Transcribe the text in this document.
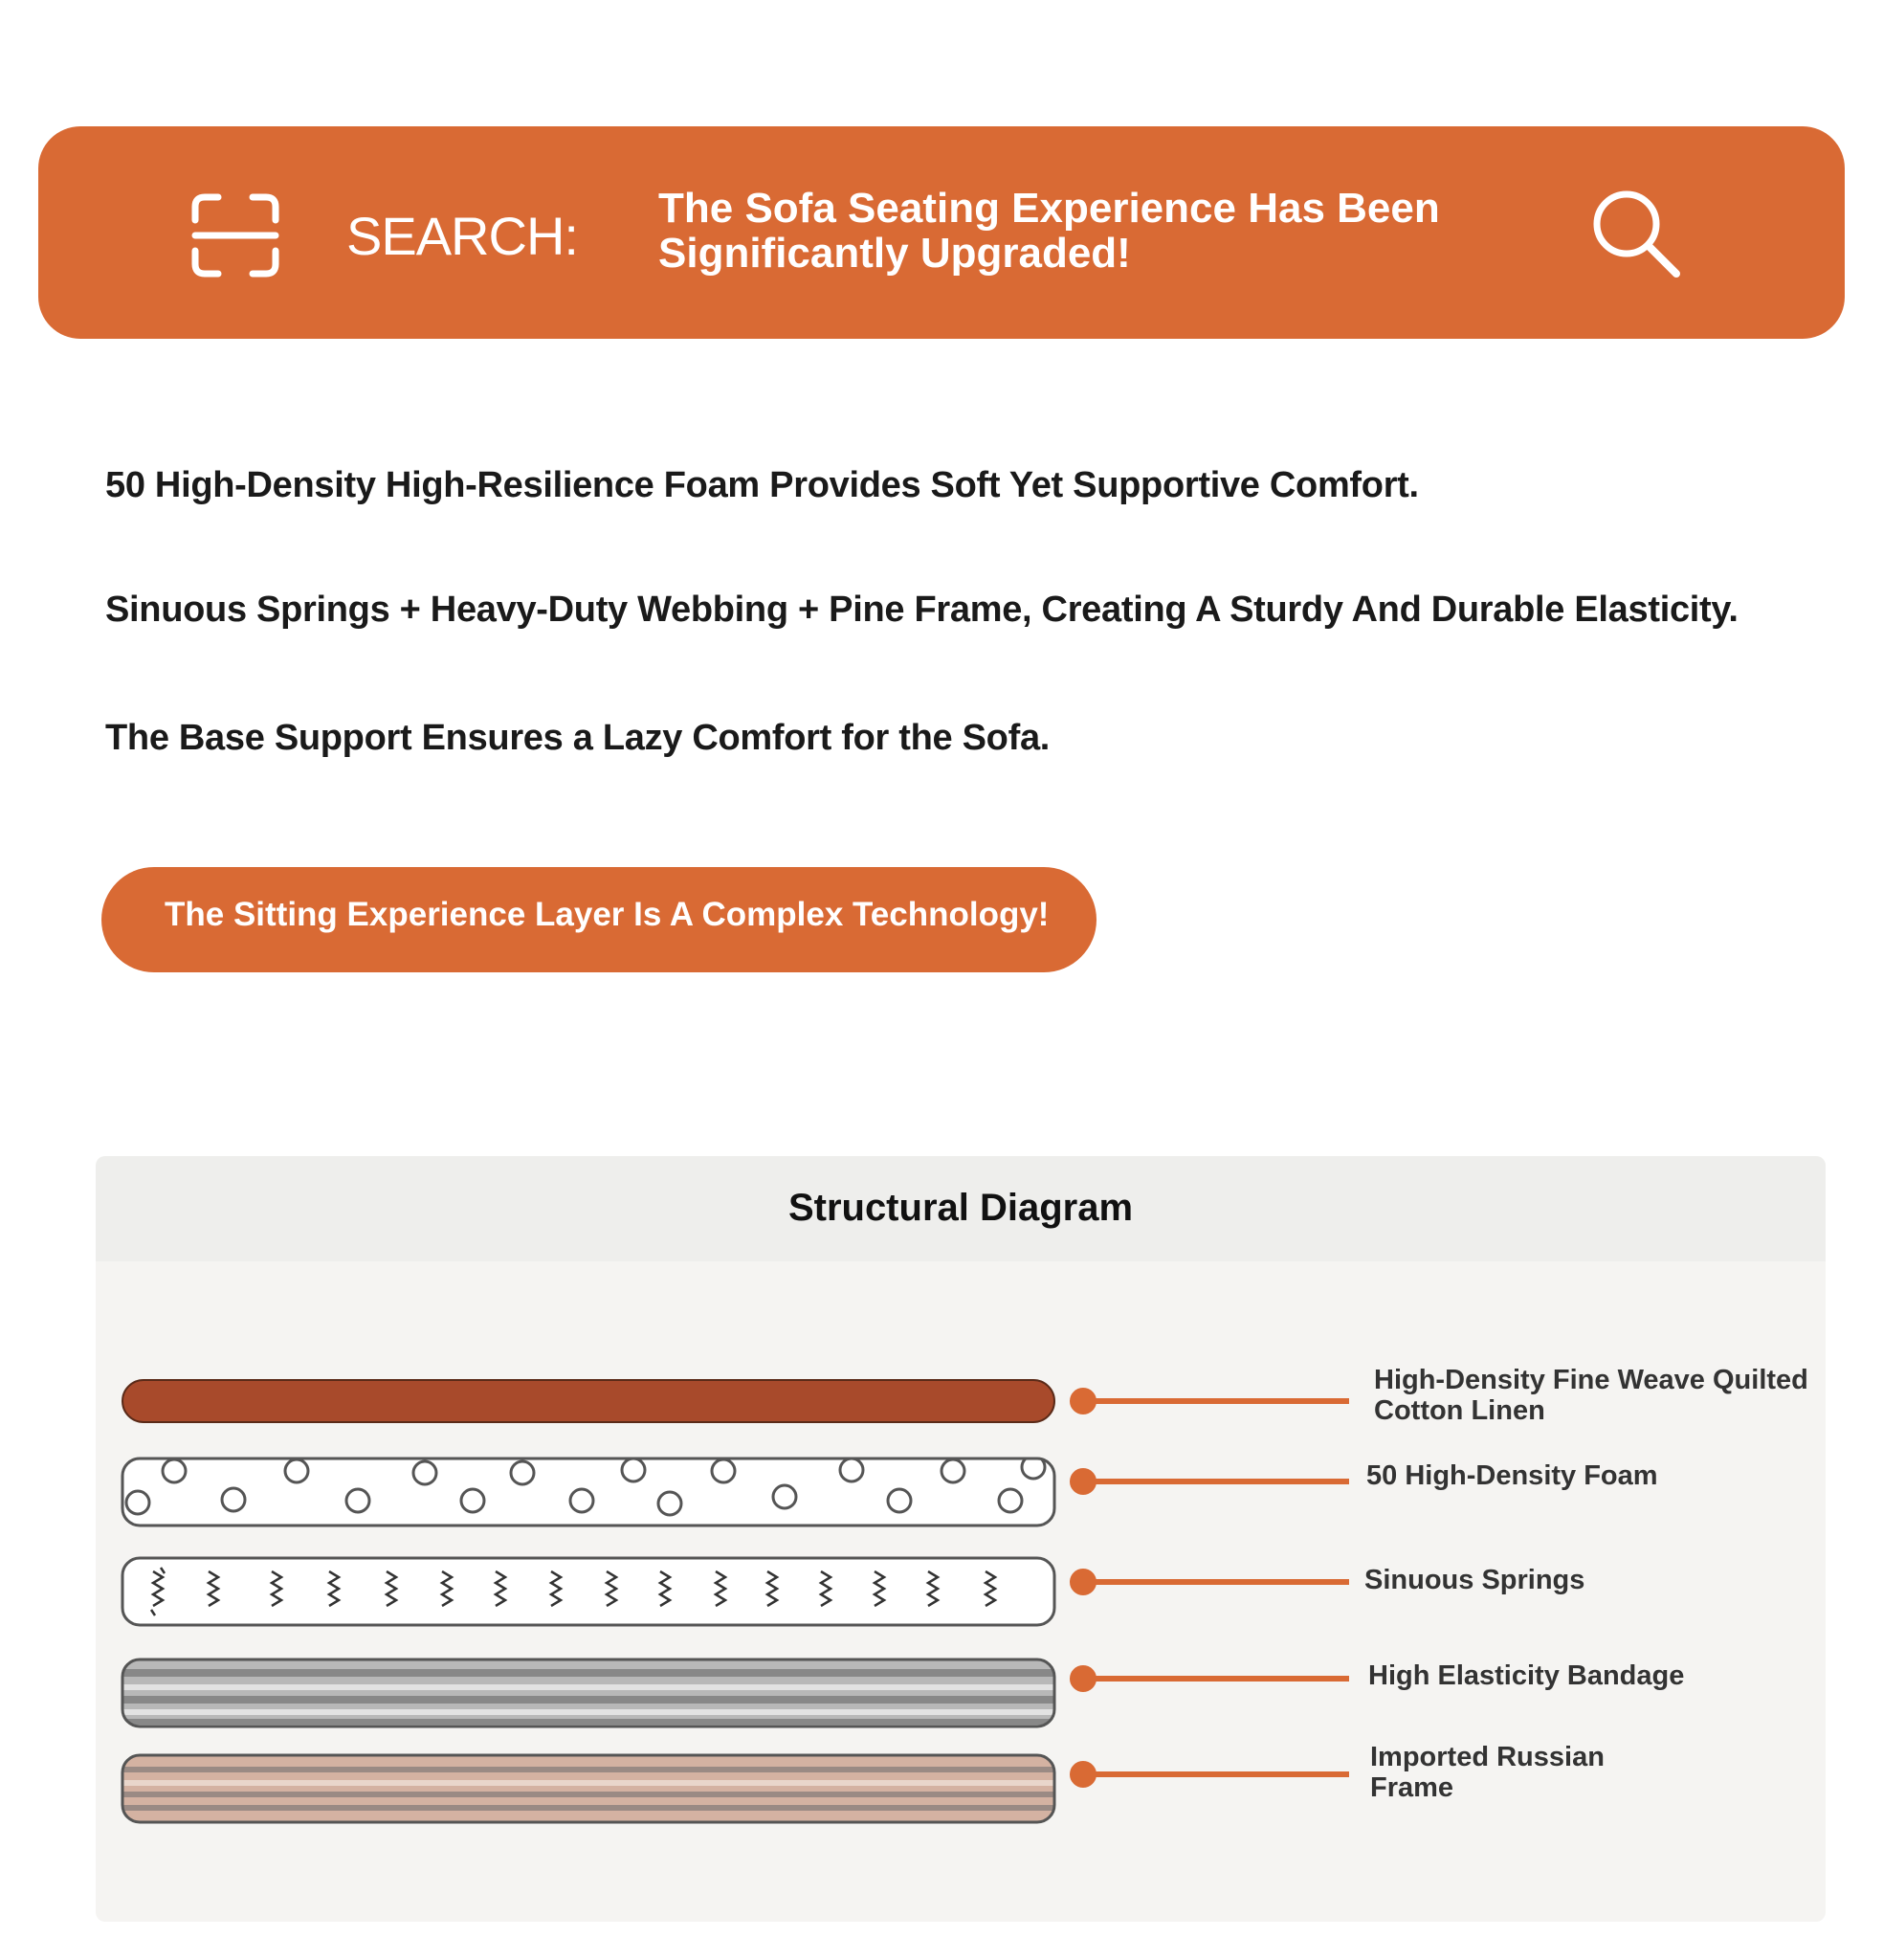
SEARCH: The Sofa Seating Experience Has Been Significantly Upgraded!
50 High-Density High-Resilience Foam Provides Soft Yet Supportive Comfort.
Sinuous Springs + Heavy-Duty Webbing + Pine Frame, Creating A Sturdy And Durable Elasticity.
The Base Support Ensures a Lazy Comfort for the Sofa.
The Sitting Experience Layer Is A Complex Technology!
Structural Diagram
High-Density Fine Weave Quilted Cotton Linen
50 High-Density Foam
Sinuous Springs
High Elasticity Bandage
Imported Russian Frame
